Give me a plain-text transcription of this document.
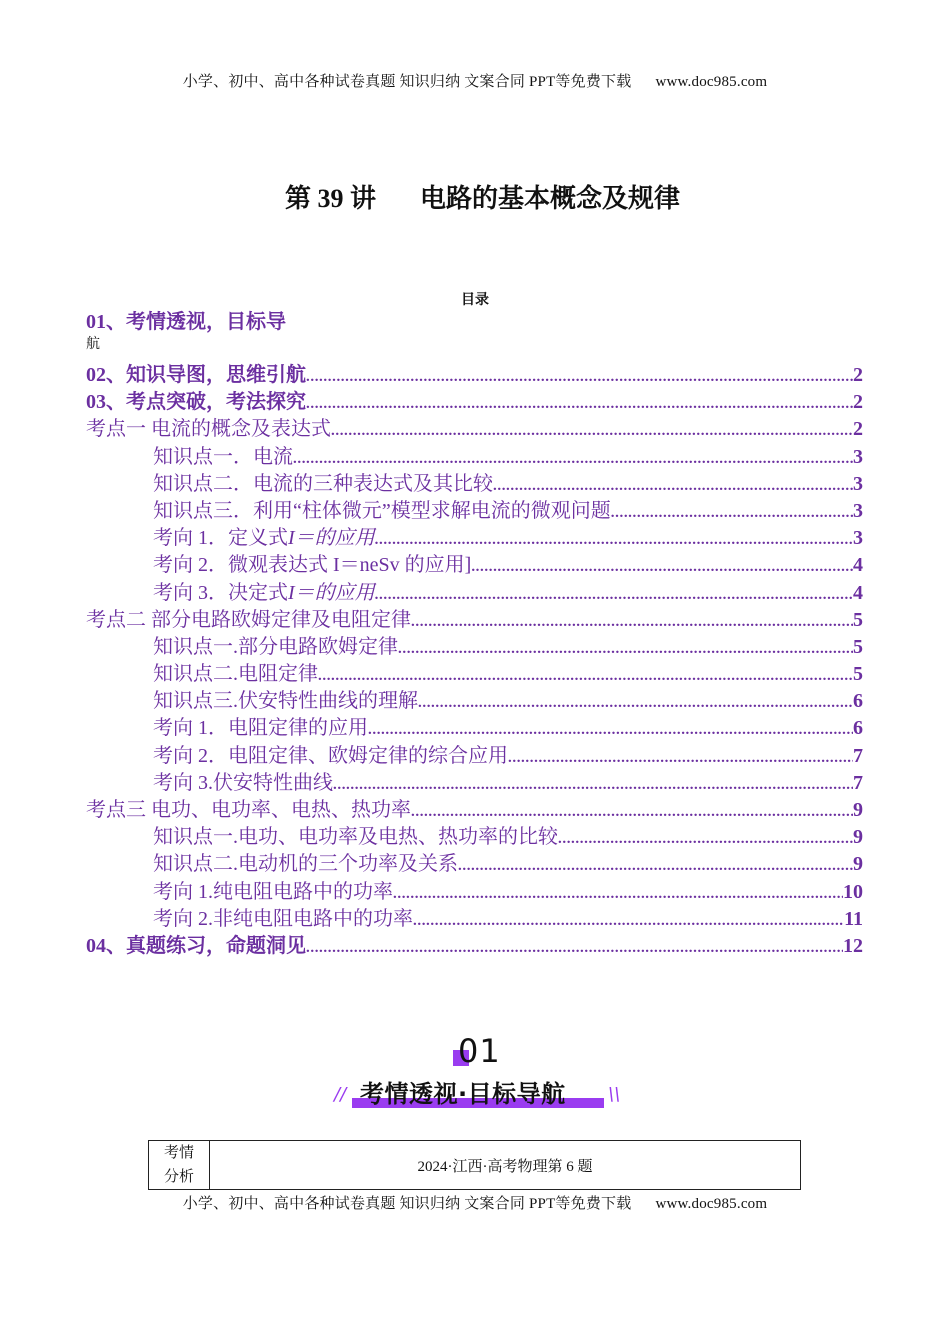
小学、初中、高中各种试卷真题 知识归纳 文案合同 PPT等免费下载 www.doc985.com
第 39 讲 电路的基本概念及规律
目录
01、考情透视，目标导
航
02、知识导图，思维引航 .....	2
03、考点突破，考法探究 .....	2
考点一 电流的概念及表达式 .....	2
知识点一．电流 .....	3
知识点二．电流的三种表达式及其比较 .....	3
知识点三．利用“柱体微元”模型求解电流的微观问题 .....	3
考向 1．定义式 I＝的应用 .....	3
考向 2．微观表达式 I＝neSv 的应用] .....	4
考向 3．决定式 I＝的应用 .....	4
考点二 部分电路欧姆定律及电阻定律 .....	5
知识点一.部分电路欧姆定律 .....	5
知识点二.电阻定律 .....	5
知识点三.伏安特性曲线的理解 .....	6
考向 1．电阻定律的应用 .....	6
考向 2．电阻定律、欧姆定律的综合应用 .....	7
考向 3.伏安特性曲线 .....	7
考点三 电功、电功率、电热、热功率 .....	9
知识点一.电功、电功率及电热、热功率的比较 .....	9
知识点二.电动机的三个功率及关系 .....	9
考向 1.纯电阻电路中的功率 .....	10
考向 2.非纯电阻电路中的功率 .....	11
04、真题练习，命题洞见 .....	12
01
考情透视·目标导航
//	\\
考情
分析
	2024·江西·高考物理第 6 题
小学、初中、高中各种试卷真题 知识归纳 文案合同 PPT等免费下载 www.doc985.com
